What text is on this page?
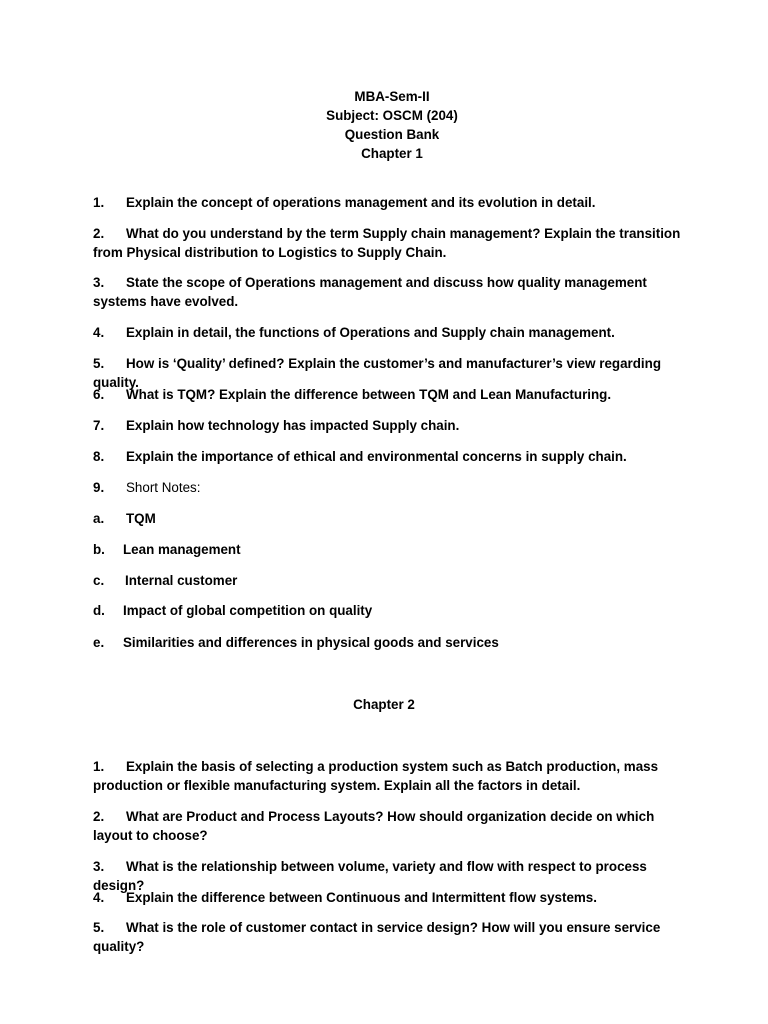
MBA-Sem-II
Subject: OSCM (204)
Question Bank
Chapter 1
1. Explain the concept of operations management and its evolution in detail.
2. What do you understand by the term Supply chain management? Explain the transition from Physical distribution to Logistics to Supply Chain.
3. State the scope of Operations management and discuss how quality management systems have evolved.
4. Explain in detail, the functions of Operations and Supply chain management.
5. How is ‘Quality’ defined? Explain the customer’s and manufacturer’s view regarding quality.
6. What is TQM? Explain the difference between TQM and Lean Manufacturing.
7. Explain how technology has impacted Supply chain.
8. Explain the importance of ethical and environmental concerns in supply chain.
9. Short Notes:
a. TQM
b. Lean management
c. Internal customer
d. Impact of global competition on quality
e. Similarities and differences in physical goods and services
Chapter 2
1. Explain the basis of selecting a production system such as Batch production, mass production or flexible manufacturing system. Explain all the factors in detail.
2. What are Product and Process Layouts? How should organization decide on which layout to choose?
3. What is the relationship between volume, variety and flow with respect to process design?
4. Explain the difference between Continuous and Intermittent flow systems.
5. What is the role of customer contact in service design? How will you ensure service quality?
